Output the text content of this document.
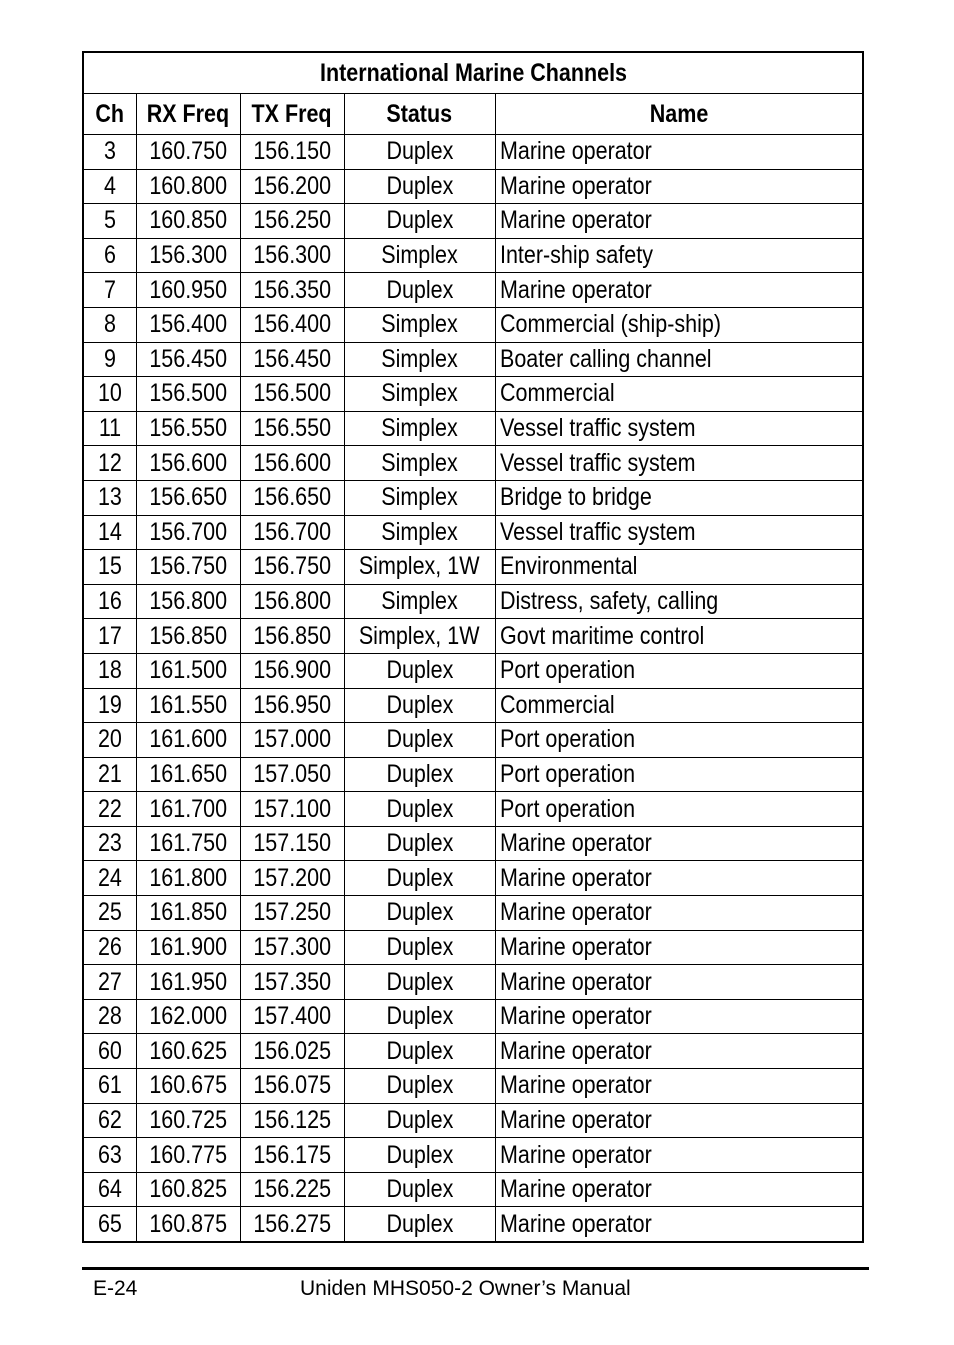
International Marine Channels				
Ch	RX Freq	TX Freq	Status	Name
3	160.750	156.150	Duplex	Marine operator
4	160.800	156.200	Duplex	Marine operator
5	160.850	156.250	Duplex	Marine operator
6	156.300	156.300	Simplex	Inter-ship safety
7	160.950	156.350	Duplex	Marine operator
8	156.400	156.400	Simplex	Commercial (ship-ship)
9	156.450	156.450	Simplex	Boater calling channel
10	156.500	156.500	Simplex	Commercial
11	156.550	156.550	Simplex	Vessel traffic system
12	156.600	156.600	Simplex	Vessel traffic system
13	156.650	156.650	Simplex	Bridge to bridge
14	156.700	156.700	Simplex	Vessel traffic system
15	156.750	156.750	Simplex, 1W	Environmental
16	156.800	156.800	Simplex	Distress, safety, calling
17	156.850	156.850	Simplex, 1W	Govt maritime control
18	161.500	156.900	Duplex	Port operation
19	161.550	156.950	Duplex	Commercial
20	161.600	157.000	Duplex	Port operation
21	161.650	157.050	Duplex	Port operation
22	161.700	157.100	Duplex	Port operation
23	161.750	157.150	Duplex	Marine operator
24	161.800	157.200	Duplex	Marine operator
25	161.850	157.250	Duplex	Marine operator
26	161.900	157.300	Duplex	Marine operator
27	161.950	157.350	Duplex	Marine operator
28	162.000	157.400	Duplex	Marine operator
60	160.625	156.025	Duplex	Marine operator
61	160.675	156.075	Duplex	Marine operator
62	160.725	156.125	Duplex	Marine operator
63	160.775	156.175	Duplex	Marine operator
64	160.825	156.225	Duplex	Marine operator
65	160.875	156.275	Duplex	Marine operator
E-24	Uniden MHS050-2 Owner’s Manual
